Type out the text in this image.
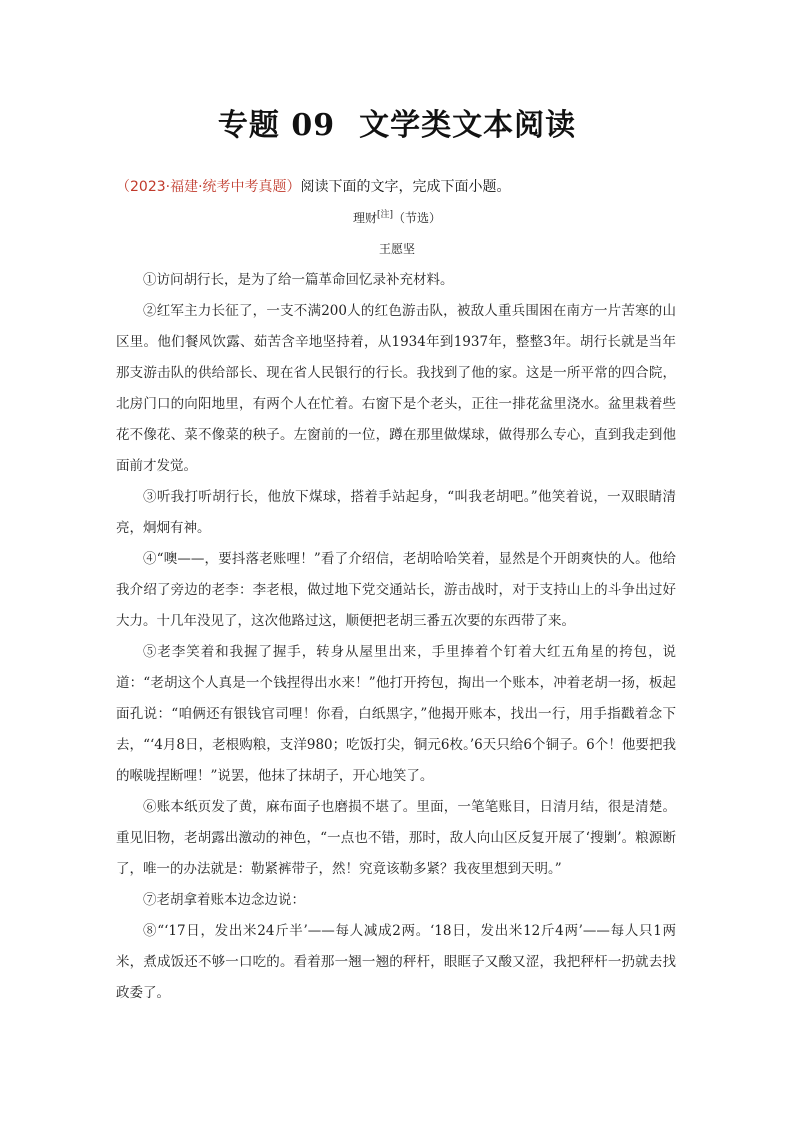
专题 09 文学类文本阅读
（2023·福建·统考中考真题）阅读下面的文字，完成下面小题。
理财[注]（节选）
王愿坚

①访问胡行长，是为了给一篇革命回忆录补充材料。

②红军主力长征了，一支不满200人的红色游击队，被敌人重兵围困在南方一片苦寒的山区里。他们餐风饮露、茹苦含辛地坚持着，从1934年到1937年，整整3年。胡行长就是当年那支游击队的供给部长、现在省人民银行的行长。我找到了他的家。这是一所平常的四合院，北房门口的向阳地里，有两个人在忙着。右窗下是个老头，正往一排花盆里浇水。盆里栽着些花不像花、菜不像菜的秧子。左窗前的一位，蹲在那里做煤球，做得那么专心，直到我走到他面前才发觉。

③听我打听胡行长，他放下煤球，搭着手站起身，“叫我老胡吧。”他笑着说，一双眼睛清亮，炯炯有神。

④“噢——，要抖落老账哩！”看了介绍信，老胡哈哈笑着，显然是个开朗爽快的人。他给我介绍了旁边的老李：李老根，做过地下党交通站长，游击战时，对于支持山上的斗争出过好大力。十几年没见了，这次他路过这，顺便把老胡三番五次要的东西带了来。

⑤老李笑着和我握了握手，转身从屋里出来，手里捧着个钉着大红五角星的挎包，说道：“老胡这个人真是一个钱捏得出水来！”他打开挎包，掏出一个账本，冲着老胡一扬，板起面孔说：“咱俩还有银钱官司哩！你看，白纸黑字，”他揭开账本，找出一行，用手指戳着念下去，“‘4月8日，老根购粮，支洋980；吃饭打尖，铜元6枚。’6天只给6个铜子。6个！他要把我的喉咙捏断哩！”说罢，他抹了抹胡子，开心地笑了。

⑥账本纸页发了黄，麻布面子也磨损不堪了。里面，一笔笔账目，日清月结，很是清楚。重见旧物，老胡露出激动的神色，“一点也不错，那时，敌人向山区反复开展了‘搜剿’。粮源断了，唯一的办法就是：勒紧裤带子，然！究竟该勒多紧？我夜里想到天明。”

⑦老胡拿着账本边念边说：

⑧“‘17日，发出米24斤半’——每人减成2两。‘18日，发出米12斤4两’——每人只1两米，煮成饭还不够一口吃的。看着那一翘一翘的秤杆，眼眶子又酸又涩，我把秤杆一扔就去找政委了。
